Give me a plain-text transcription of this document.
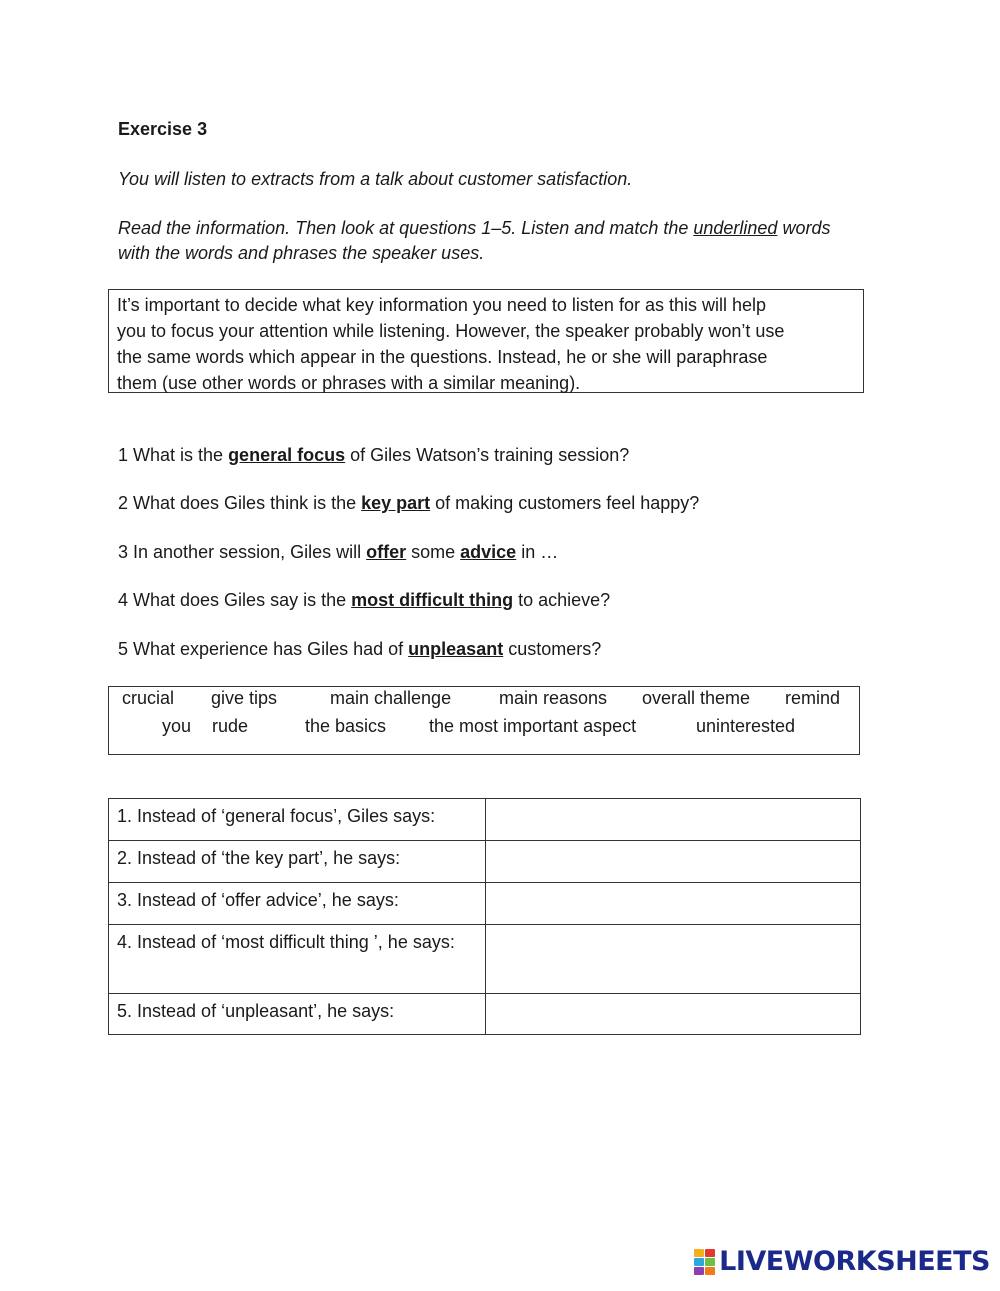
Exercise 3
You will listen to extracts from a talk about customer satisfaction.
Read the information. Then look at questions 1–5. Listen and match the underlined words with the words and phrases the speaker uses.
It’s important to decide what key information you need to listen for as this will help
you to focus your attention while listening. However, the speaker probably won’t use
the same words which appear in the questions. Instead, he or she will paraphrase
them (use other words or phrases with a similar meaning).
1 What is the general focus of Giles Watson’s training session?
2 What does Giles think is the key part of making customers feel happy?
3 In another session, Giles will offer some advice in …
4 What does Giles say is the most difficult thing to achieve?
5 What experience has Giles had of unpleasant customers?
crucial give tips	main challenge	main reasons overall theme remind
you rude	the basics the most important aspect	uninterested
1. Instead of ‘general focus’, Giles says:	
2. Instead of ‘the key part’, he says:	
3. Instead of ‘offer advice’, he says:	
4. Instead of ‘most difficult thing ’, he says:	
5. Instead of ‘unpleasant’, he says:	
LIVEWORKSHEETS
